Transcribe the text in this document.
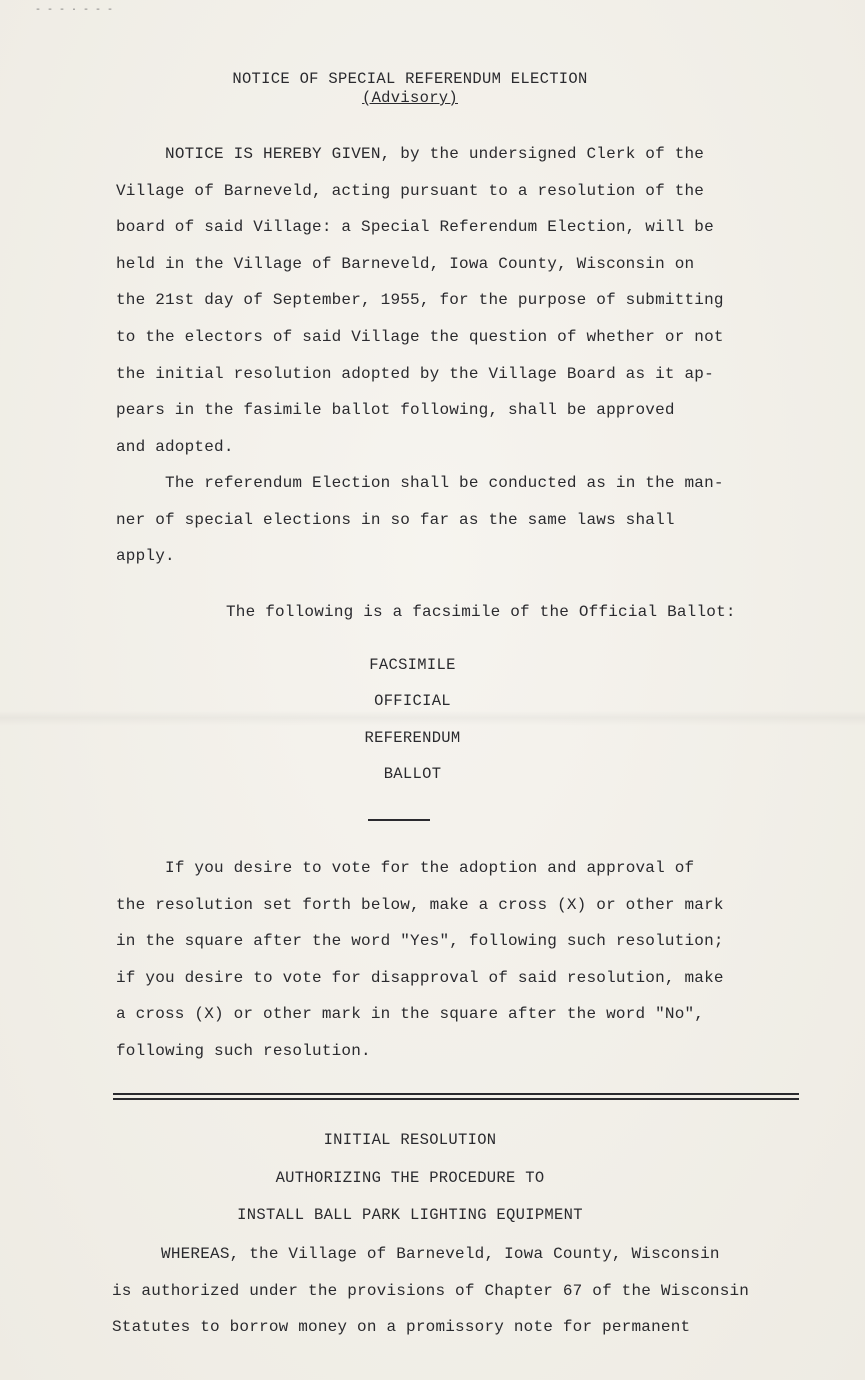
- - - · - - -
NOTICE OF SPECIAL REFERENDUM ELECTION
(Advisory)

NOTICE IS HEREBY GIVEN, by the undersigned Clerk of the
Village of Barneveld, acting pursuant to a resolution of the
board of said Village: a Special Referendum Election, will be
held in the Village of Barneveld, Iowa County, Wisconsin on
the 21st day of September, 1955, for the purpose of submitting
to the electors of said Village the question of whether or not
the initial resolution adopted by the Village Board as it ap-
pears in the fasimile ballot following, shall be approved
and adopted.

The referendum Election shall be conducted as in the man-
ner of special elections in so far as the same laws shall
apply.

The following is a facsimile of the Official Ballot:

FACSIMILE
OFFICIAL
REFERENDUM
BALLOT

If you desire to vote for the adoption and approval of
the resolution set forth below, make a cross (X) or other mark
in the square after the word "Yes", following such resolution;
if you desire to vote for disapproval of said resolution, make
a cross (X) or other mark in the square after the word "No",
following such resolution.

INITIAL RESOLUTION
AUTHORIZING THE PROCEDURE TO
INSTALL BALL PARK LIGHTING EQUIPMENT

WHEREAS, the Village of Barneveld, Iowa County, Wisconsin
is authorized under the provisions of Chapter 67 of the Wisconsin
Statutes to borrow money on a promissory note for permanent
